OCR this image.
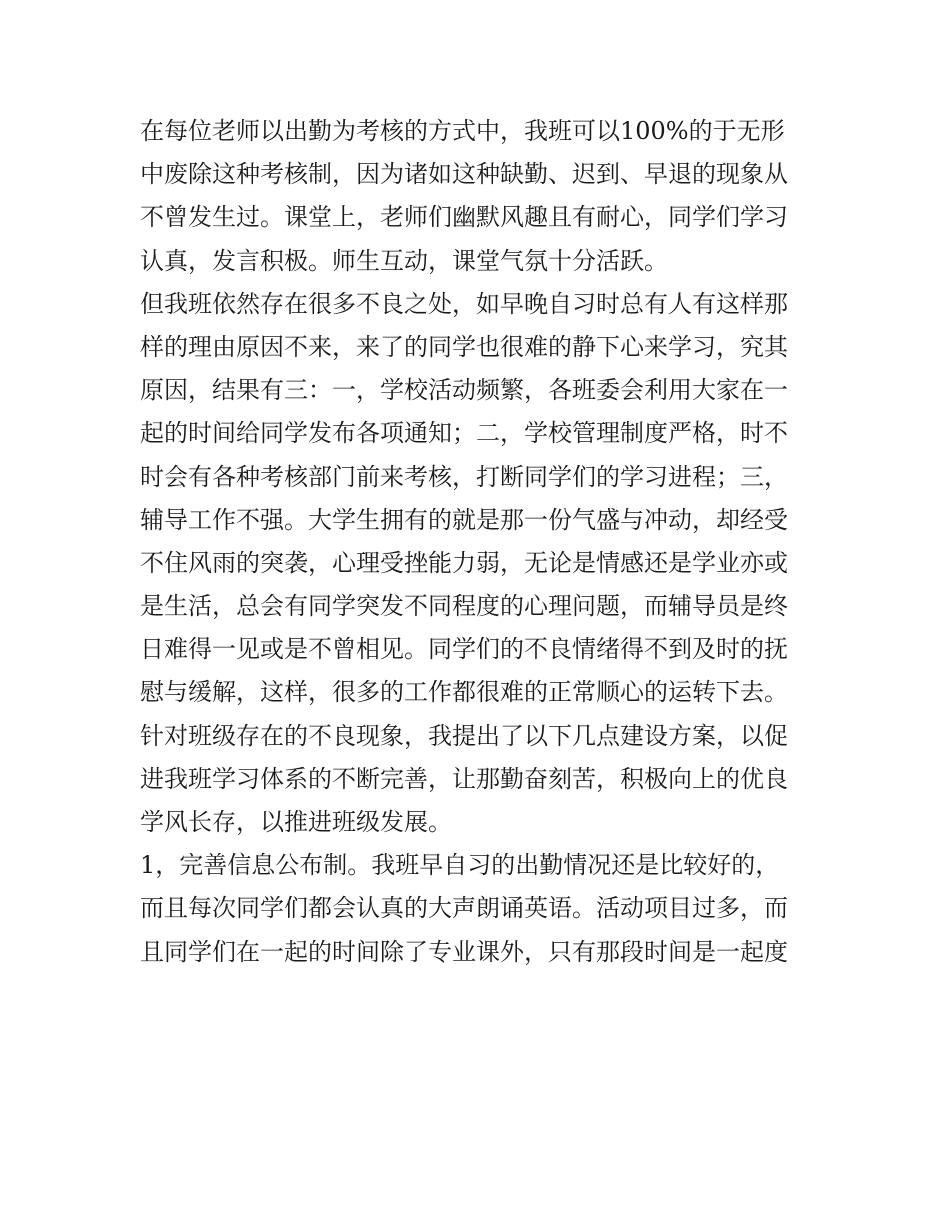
在每位老师以出勤为考核的方式中，我班可以100%的于无形
中废除这种考核制，因为诸如这种缺勤、迟到、早退的现象从
不曾发生过。课堂上，老师们幽默风趣且有耐心，同学们学习
认真，发言积极。师生互动，课堂气氛十分活跃。
但我班依然存在很多不良之处，如早晚自习时总有人有这样那
样的理由原因不来，来了的同学也很难的静下心来学习，究其
原因，结果有三：一，学校活动频繁，各班委会利用大家在一
起的时间给同学发布各项通知；二，学校管理制度严格，时不
时会有各种考核部门前来考核，打断同学们的学习进程；三，
辅导工作不强。大学生拥有的就是那一份气盛与冲动，却经受
不住风雨的突袭，心理受挫能力弱，无论是情感还是学业亦或
是生活，总会有同学突发不同程度的心理问题，而辅导员是终
日难得一见或是不曾相见。同学们的不良情绪得不到及时的抚
慰与缓解，这样，很多的工作都很难的正常顺心的运转下去。
针对班级存在的不良现象，我提出了以下几点建设方案，以促
进我班学习体系的不断完善，让那勤奋刻苦，积极向上的优良
学风长存，以推进班级发展。
1，完善信息公布制。我班早自习的出勤情况还是比较好的，
而且每次同学们都会认真的大声朗诵英语。活动项目过多，而
且同学们在一起的时间除了专业课外，只有那段时间是一起度
